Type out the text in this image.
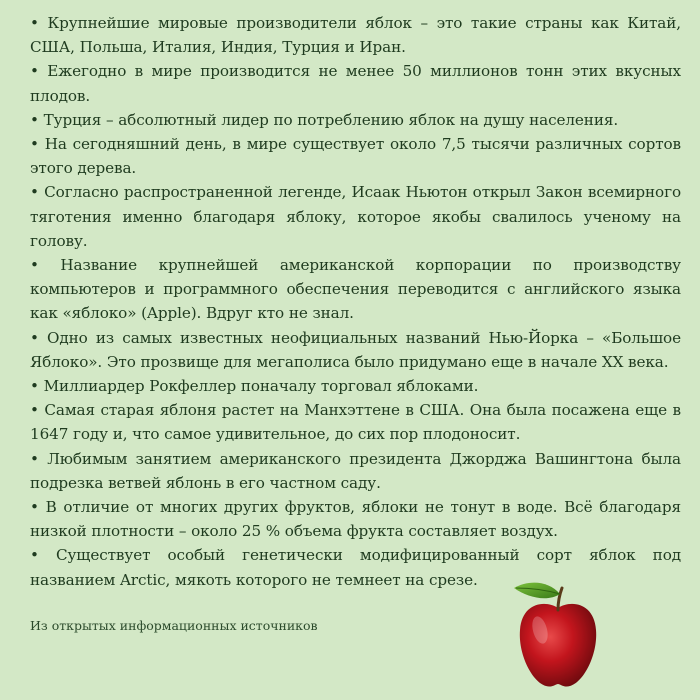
• Крупнейшие мировые производители яблок – это такие страны как Китай, США, Польша, Италия, Индия, Турция и Иран.
• Ежегодно в мире производится не менее 50 миллионов тонн этих вкусных плодов.
• Турция – абсолютный лидер по потреблению яблок на душу населения.
• На сегодняшний день, в мире существует около 7,5 тысячи различных сортов этого дерева.
• Согласно распространенной легенде, Исаак Ньютон открыл Закон всемирного тяготения именно благодаря яблоку, которое якобы свалилось ученому на голову.
• Название крупнейшей американской корпорации по производству компьютеров и программного обеспечения переводится с английского языка как «яблоко» (Apple). Вдруг кто не знал.
• Одно из самых известных неофициальных названий Нью-Йорка – «Большое Яблоко». Это прозвище для мегаполиса было придумано еще в начале XX века.
• Миллиардер Рокфеллер поначалу торговал яблоками.
• Самая старая яблоня растет на Манхэттене в США. Она была посажена еще в 1647 году и, что самое удивительное, до сих пор плодоносит.
• Любимым занятием американского президента Джорджа Вашингтона была подрезка ветвей яблонь в его частном саду.
• В отличие от многих других фруктов, яблоки не тонут в воде. Всё благодаря низкой плотности – около 25 % объема фрукта составляет воздух.
• Существует особый генетически модифицированный сорт яблок под названием Arctic, мякоть которого не темнеет на срезе.
Из открытых информационных источников
